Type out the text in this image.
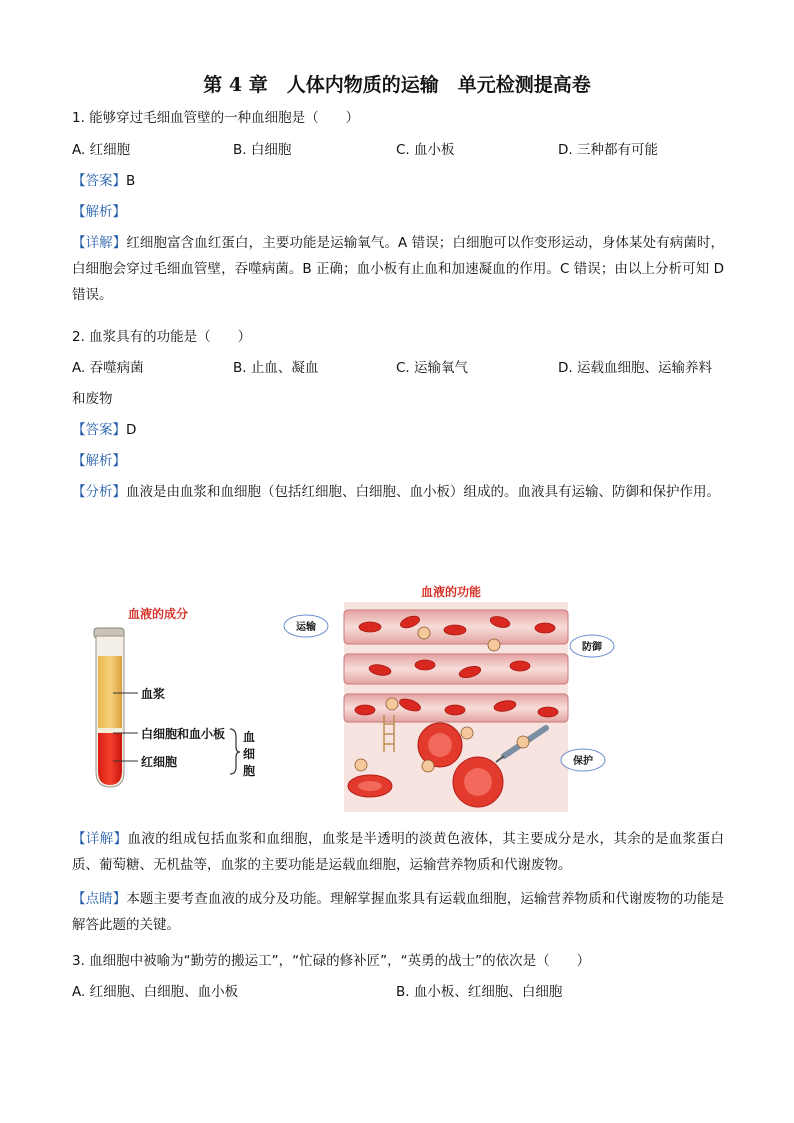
第 4 章　人体内物质的运输　单元检测提高卷
1. 能够穿过毛细血管壁的一种血细胞是（　　）
A. 红细胞	B. 白细胞	C. 血小板	D. 三种都有可能
【答案】B
【解析】
【详解】红细胞富含血红蛋白，主要功能是运输氧气。A 错误；白细胞可以作变形运动，身体某处有病菌时，白细胞会穿过毛细血管壁，吞噬病菌。B 正确；血小板有止血和加速凝血的作用。C 错误；由以上分析可知 D 错误。
2. 血浆具有的功能是（　　）
A. 吞噬病菌	B. 止血、凝血	C. 运输氧气	D. 运载血细胞、运输养料
和废物
【答案】D
【解析】
【分析】血液是由血浆和血细胞（包括红细胞、白细胞、血小板）组成的。血液具有运输、防御和保护作用。
血液的成分
血浆
白细胞和血小板
红细胞
血
细
胞
血液的功能
运输
防御
保护
【详解】血液的组成包括血浆和血细胞，血浆是半透明的淡黄色液体，其主要成分是水，其余的是血浆蛋白质、葡萄糖、无机盐等，血浆的主要功能是运载血细胞，运输营养物质和代谢废物。
【点睛】本题主要考查血液的成分及功能。理解掌握血浆具有运载血细胞，运输营养物质和代谢废物的功能是解答此题的关键。
3. 血细胞中被喻为“勤劳的搬运工”，“忙碌的修补匠”，“英勇的战士”的依次是（　　）
A. 红细胞、白细胞、血小板	B. 血小板、红细胞、白细胞
